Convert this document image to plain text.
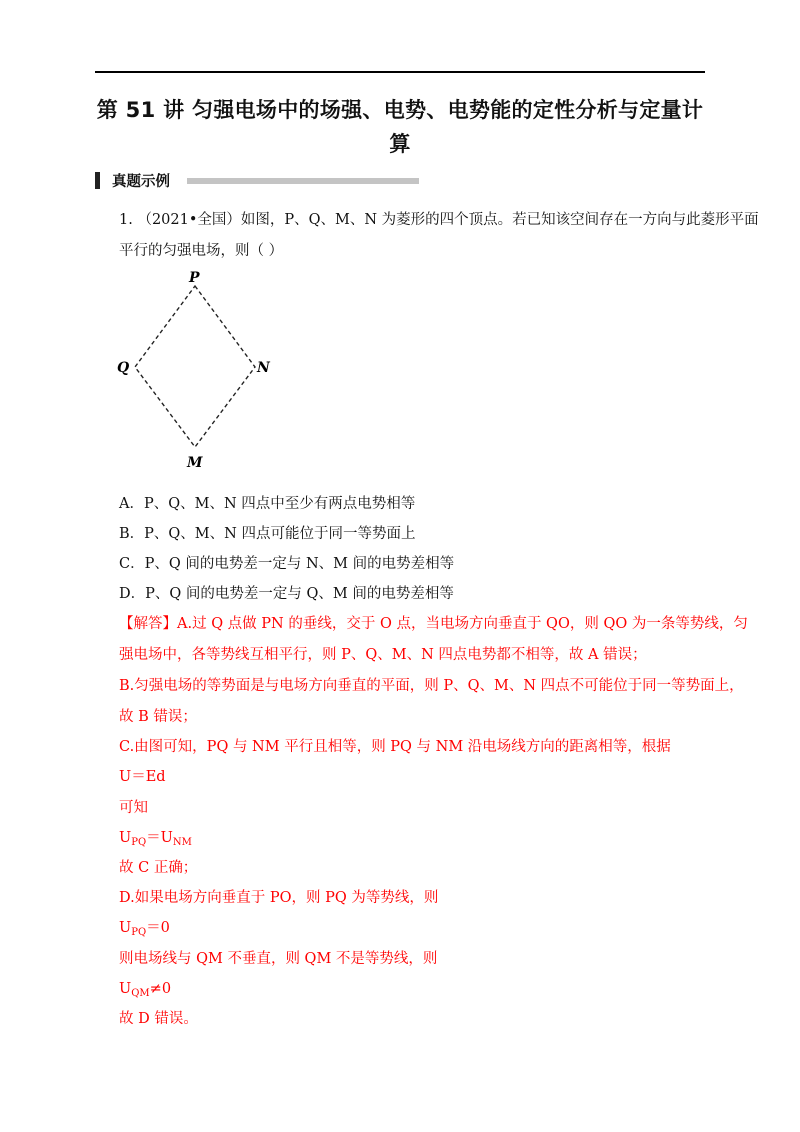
第 51 讲 匀强电场中的场强、电势、电势能的定性分析与定量计
算
真题示例
1. （2021•全国）如图，P、Q、M、N 为菱形的四个顶点。若已知该空间存在一方向与此菱形平面
平行的匀强电场，则（ ）
P
Q	N
M
A．P、Q、M、N 四点中至少有两点电势相等
B．P、Q、M、N 四点可能位于同一等势面上
C．P、Q 间的电势差一定与 N、M 间的电势差相等
D．P、Q 间的电势差一定与 Q、M 间的电势差相等
【解答】A.过 Q 点做 PN 的垂线，交于 O 点，当电场方向垂直于 QO，则 QO 为一条等势线，匀
强电场中，各等势线互相平行，则 P、Q、M、N 四点电势都不相等，故 A 错误；
B.匀强电场的等势面是与电场方向垂直的平面，则 P、Q、M、N 四点不可能位于同一等势面上，
故 B 错误；
C.由图可知，PQ 与 NM 平行且相等，则 PQ 与 NM 沿电场线方向的距离相等，根据
U＝Ed
可知
$U_{PQ}=U_{NM}$
故 C 正确；
D.如果电场方向垂直于 PO，则 PQ 为等势线，则
$U_{PQ}=0$
则电场线与 QM 不垂直，则 QM 不是等势线，则
$U_{QM}\ne 0$
故 D 错误。
